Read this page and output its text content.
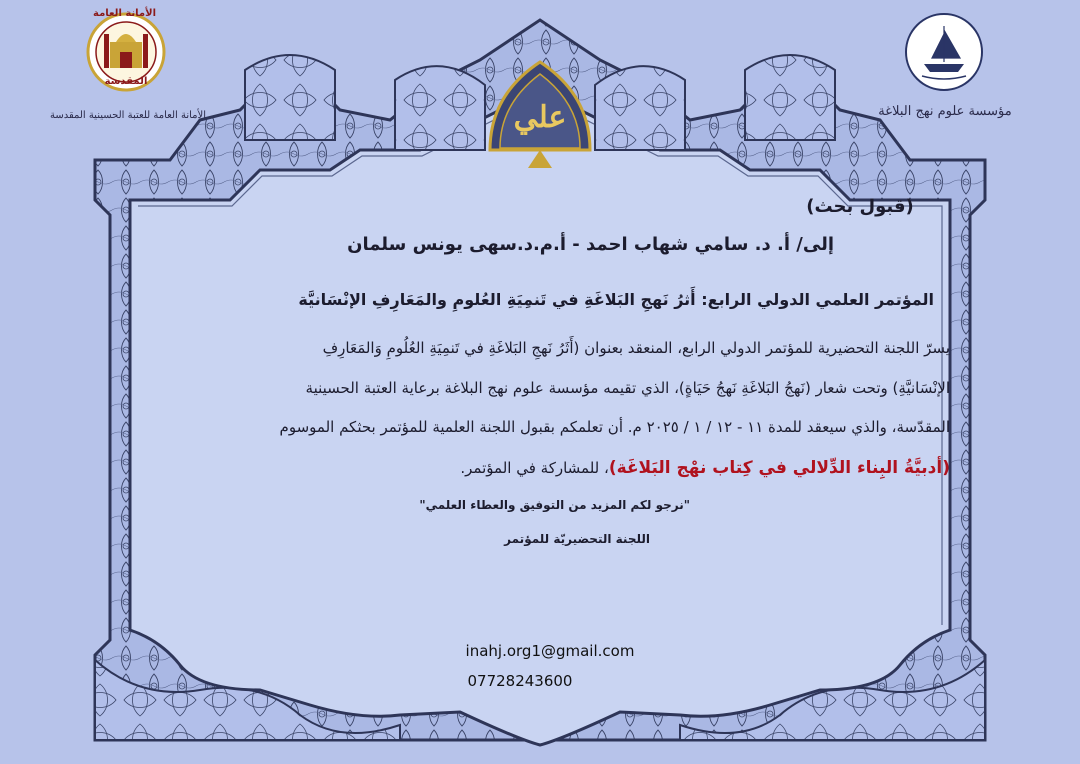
علي
الأمانة العامة
المقدسة
الأمانة العامة للعتبة الحسينية المقدسة	مؤسسة علوم نهج البلاغة
(قبول بحث)
إلى/ أ. د. سامي شهاب احمد - أ.م.د.سهى يونس سلمان
المؤتمر العلمي الدولي الرابع: أَثرُ نَهجِ البَلاغَةِ في تَنمِيَةِ العُلومِ والمَعَارِفِ الإنْسَانيَّة
يسرّ اللجنة التحضيرية للمؤتمر الدولي الرابع، المنعقد بعنوان (أَثَرُ نَهجِ البَلاغَةِ في تَنمِيَةِ العُلُومِ وَالمَعَارِفِ
الإنْسَانيَّةِ) وتحت شعار (نَهجُ البَلاغَةِ نَهجُ حَيَاةٍ)، الذي تقيمه مؤسسة علوم نهج البلاغة برعاية العتبة الحسينية
المقدّسة، والذي سيعقد للمدة ١١ - ١٢ / ١ / ٢٠٢٥ م. أن تعلمكم بقبول اللجنة العلمية للمؤتمر بحثكم الموسوم
(أدبيَّةُ البِناء الدِّلالي في كِتاب نهْج البَلاغَة)، للمشاركة في المؤتمر.
"نرجو لكم المزيد من التوفيق والعطاء العلمي"
اللجنة التحضيريّة للمؤتمر
inahj.org1@gmail.com
07728243600
